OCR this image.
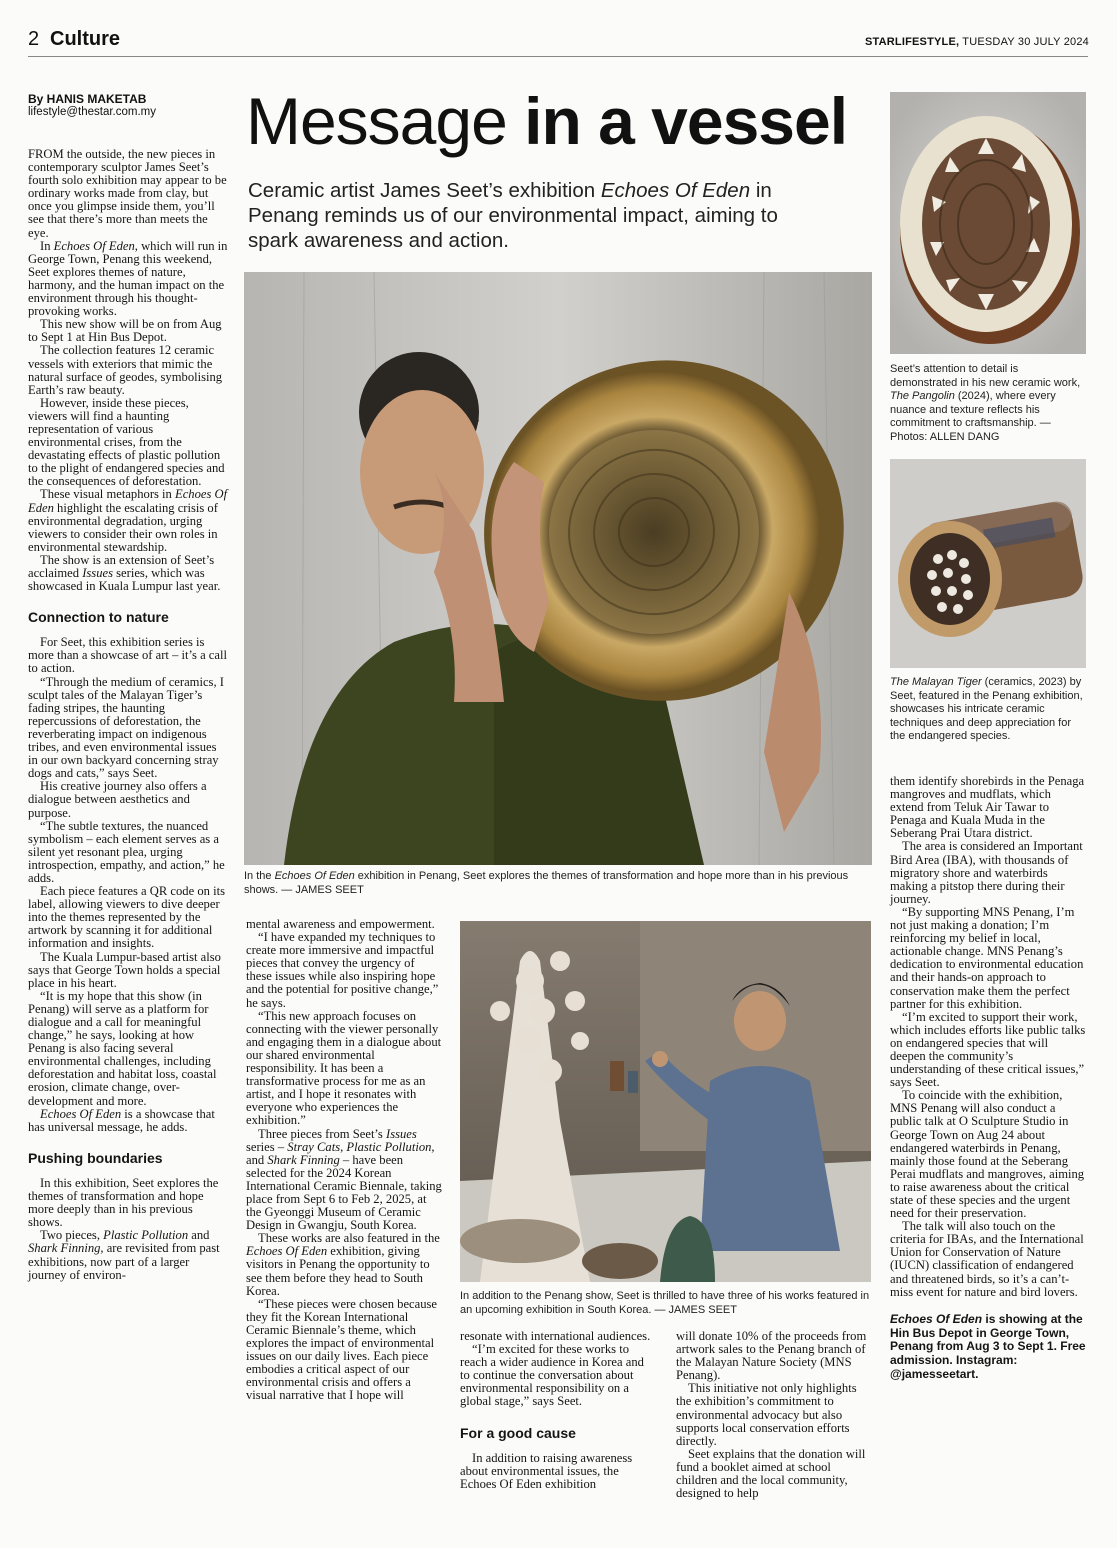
2 Culture	STARLIFESTYLE, TUESDAY 30 JULY 2024
By HANIS MAKETAB
lifestyle@thestar.com.my Message in a vessel
Ceramic artist James Seet’s exhibition Echoes Of Eden in Penang reminds us of our environmental impact, aiming to spark awareness and action.
In the Echoes Of Eden exhibition in Penang, Seet explores the themes of transformation and hope more than in his previous shows. — JAMES SEET
Seet’s attention to detail is demonstrated in his new ceramic work, The Pangolin (2024), where every nuance and texture reflects his commitment to craftsmanship. — Photos: ALLEN DANG
The Malayan Tiger (ceramics, 2023) by Seet, featured in the Penang exhibition, showcases his intricate ceramic techniques and deep appreciation for the endangered species.
In addition to the Penang show, Seet is thrilled to have three of his works featured in an upcoming exhibition in South Korea. — JAMES SEET

FROM the outside, the new pieces in contemporary sculptor James Seet’s fourth solo exhibition may appear to be ordinary works made from clay, but once you glimpse inside them, you’ll see that there’s more than meets the eye.

In Echoes Of Eden, which will run in George Town, Penang this weekend, Seet explores themes of nature, harmony, and the human impact on the environment through his thought-provoking works.

This new show will be on from Aug to Sept 1 at Hin Bus Depot.

The collection features 12 ceramic vessels with exteriors that mimic the natural surface of geodes, symbolising Earth’s raw beauty.

However, inside these pieces, viewers will find a haunting representation of various environmental crises, from the devastating effects of plastic pollution to the plight of endangered species and the consequences of deforestation.

These visual metaphors in Echoes Of Eden highlight the escalating crisis of environmental degradation, urging viewers to consider their own roles in environmental stewardship.

The show is an extension of Seet’s acclaimed Issues series, which was showcased in Kuala Lumpur last year.

Connection to nature

For Seet, this exhibition series is more than a showcase of art – it’s a call to action.

“Through the medium of ceramics, I sculpt tales of the Malayan Tiger’s fading stripes, the haunting repercussions of deforestation, the reverberating impact on indigenous tribes, and even environmental issues in our own backyard concerning stray dogs and cats,” says Seet.

His creative journey also offers a dialogue between aesthetics and purpose.

“The subtle textures, the nuanced symbolism – each element serves as a silent yet resonant plea, urging introspection, empathy, and action,” he adds.

Each piece features a QR code on its label, allowing viewers to dive deeper into the themes represented by the artwork by scanning it for additional information and insights.

The Kuala Lumpur-based artist also says that George Town holds a special place in his heart.

“It is my hope that this show (in Penang) will serve as a platform for dialogue and a call for meaningful change,” he says, looking at how Penang is also facing several environmental challenges, including deforestation and habitat loss, coastal erosion, climate change, over-development and more.

Echoes Of Eden is a showcase that has universal message, he adds.

Pushing boundaries

In this exhibition, Seet explores the themes of transformation and hope more deeply than in his previous shows.

Two pieces, Plastic Pollution and Shark Finning, are revisited from past exhibitions, now part of a larger journey of environ-

mental awareness and empowerment.

“I have expanded my techniques to create more immersive and impactful pieces that convey the urgency of these issues while also inspiring hope and the potential for positive change,” he says.

“This new approach focuses on connecting with the viewer personally and engaging them in a dialogue about our shared environmental responsibility. It has been a transformative process for me as an artist, and I hope it resonates with everyone who experiences the exhibition.”

Three pieces from Seet’s Issues series – Stray Cats, Plastic Pollution, and Shark Finning – have been selected for the 2024 Korean International Ceramic Biennale, taking place from Sept 6 to Feb 2, 2025, at the Gyeonggi Museum of Ceramic Design in Gwangju, South Korea.

These works are also featured in the Echoes Of Eden exhibition, giving visitors in Penang the opportunity to see them before they head to South Korea.

“These pieces were chosen because they fit the Korean International Ceramic Biennale’s theme, which explores the impact of environmental issues on our daily lives. Each piece embodies a critical aspect of our environmental crisis and offers a visual narrative that I hope will

resonate with international audiences.

“I’m excited for these works to reach a wider audience in Korea and to continue the conversation about environmental responsibility on a global stage,” says Seet.

For a good cause

In addition to raising awareness about environmental issues, the Echoes Of Eden exhibition

will donate 10% of the proceeds from artwork sales to the Penang branch of the Malayan Nature Society (MNS Penang).

This initiative not only highlights the exhibition’s commitment to environmental advocacy but also supports local conservation efforts directly.

Seet explains that the donation will fund a booklet aimed at school children and the local community, designed to help

them identify shorebirds in the Penaga mangroves and mudflats, which extend from Teluk Air Tawar to Penaga and Kuala Muda in the Seberang Prai Utara district.

The area is considered an Important Bird Area (IBA), with thousands of migratory shore and waterbirds making a pitstop there during their journey.

“By supporting MNS Penang, I’m not just making a donation; I’m reinforcing my belief in local, actionable change. MNS Penang’s dedication to environmental education and their hands-on approach to conservation make them the perfect partner for this exhibition.

“I’m excited to support their work, which includes efforts like public talks on endangered species that will deepen the community’s understanding of these critical issues,” says Seet.

To coincide with the exhibition, MNS Penang will also conduct a public talk at O Sculpture Studio in George Town on Aug 24 about endangered waterbirds in Penang, mainly those found at the Seberang Perai mudflats and mangroves, aiming to raise awareness about the critical state of these species and the urgent need for their preservation.

The talk will also touch on the criteria for IBAs, and the International Union for Conservation of Nature (IUCN) classification of endangered and threatened birds, so it’s a can’t-miss event for nature and bird lovers.

Echoes Of Eden is showing at the Hin Bus Depot in George Town, Penang from Aug 3 to Sept 1. Free admission. Instagram: @jamesseetart.
